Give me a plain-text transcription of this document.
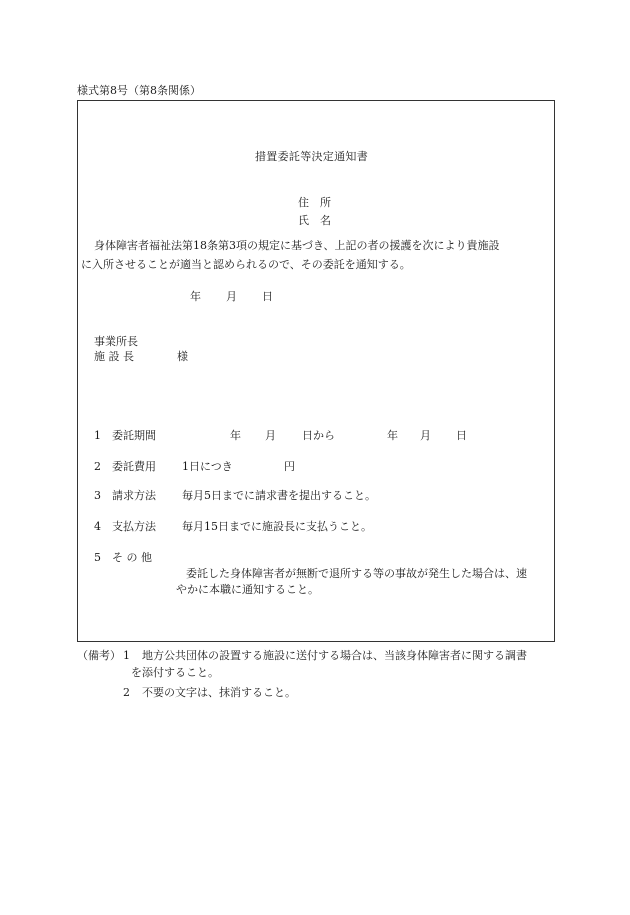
様式第8号（第8条関係）
措置委託等決定通知書
住　所
氏　名
身体障害者福祉法第18条第3項の規定に基づき、上記の者の援護を次により貴施設
に入所させることが適当と認められるので、その委託を通知する。
年 月 日
事業所長
施 設 長	様
1 委託期間	年 月 日から	年 月 日
2 委託費用 1日につき	円
3 請求方法 毎月5日までに請求書を提出すること。
4 支払方法 毎月15日までに施設長に支払うこと。
5 そ の 他
委託した身体障害者が無断で退所する等の事故が発生した場合は、速
やかに本職に通知すること。
（備考） 1 地方公共団体の設置する施設に送付する場合は、当該身体障害者に関する調書
を添付すること。
2 不要の文字は、抹消すること。
